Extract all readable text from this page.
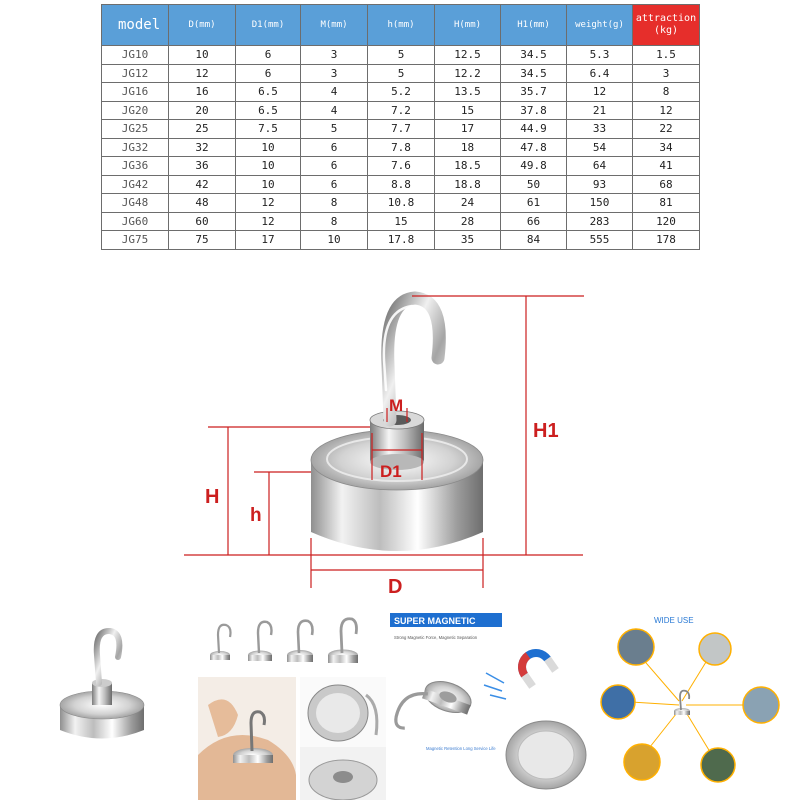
model	D(mm)	D1(mm)	M(mm)	h(mm)	H(mm)	H1(mm)	weight(g)	attraction
(kg)

JG10	10	6	3	5	12.5	34.5	5.3	1.5
JG12	12	6	3	5	12.2	34.5	6.4	3
JG16	16	6.5	4	5.2	13.5	35.7	12	8
JG20	20	6.5	4	7.2	15	37.8	21	12
JG25	25	7.5	5	7.7	17	44.9	33	22
JG32	32	10	6	7.8	18	47.8	54	34
JG36	36	10	6	7.6	18.5	49.8	64	41
JG42	42	10	6	8.8	18.8	50	93	68
JG48	48	12	8	10.8	24	61	150	81
JG60	60	12	8	15	28	66	283	120
JG75	75	17	10	17.8	35	84	555	178
H1
H
h
M
D1
D
SUPER MAGNETIC
Strong Magnetic Force, Magnetic Separation
Magnetic Retention Long Service Life
WIDE USE
